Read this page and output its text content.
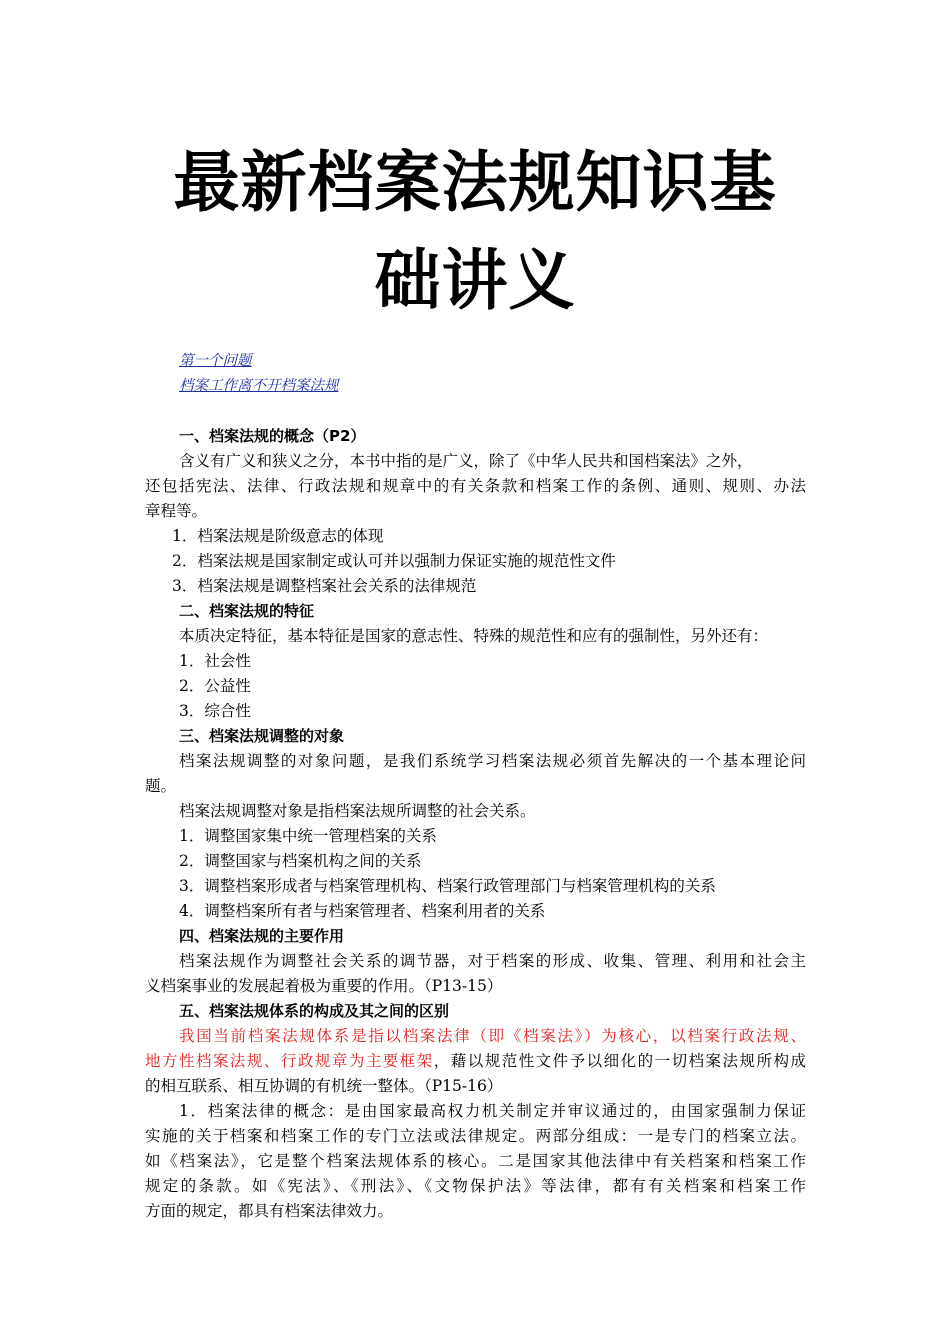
最新档案法规知识基
础讲义
第一个问题
档案工作离不开档案法规
一、档案法规的概念（P2）
含义有广义和狭义之分，本书中指的是广义，除了《中华人民共和国档案法》之外，
还包括宪法、法律、行政法规和规章中的有关条款和档案工作的条例、通则、规则、办法
章程等。
1．档案法规是阶级意志的体现
2．档案法规是国家制定或认可并以强制力保证实施的规范性文件
3．档案法规是调整档案社会关系的法律规范
二、档案法规的特征
本质决定特征，基本特征是国家的意志性、特殊的规范性和应有的强制性，另外还有：
1．社会性
2．公益性
3．综合性
三、档案法规调整的对象
档案法规调整的对象问题，是我们系统学习档案法规必须首先解决的一个基本理论问
题。
档案法规调整对象是指档案法规所调整的社会关系。
1．调整国家集中统一管理档案的关系
2．调整国家与档案机构之间的关系
3．调整档案形成者与档案管理机构、档案行政管理部门与档案管理机构的关系
4．调整档案所有者与档案管理者、档案利用者的关系
四、档案法规的主要作用
档案法规作为调整社会关系的调节器，对于档案的形成、收集、管理、利用和社会主
义档案事业的发展起着极为重要的作用。（P13-15）
五、档案法规体系的构成及其之间的区别
我国当前档案法规体系是指以档案法律（即《档案法》）为核心，以档案行政法规、
地方性档案法规、行政规章为主要框架，藉以规范性文件予以细化的一切档案法规所构成
的相互联系、相互协调的有机统一整体。（P15-16）
1．档案法律的概念：是由国家最高权力机关制定并审议通过的，由国家强制力保证
实施的关于档案和档案工作的专门立法或法律规定。两部分组成：一是专门的档案立法。
如《档案法》，它是整个档案法规体系的核心。二是国家其他法律中有关档案和档案工作
规定的条款。如《宪法》、《刑法》、《文物保护法》等法律，都有有关档案和档案工作
方面的规定，都具有档案法律效力。
